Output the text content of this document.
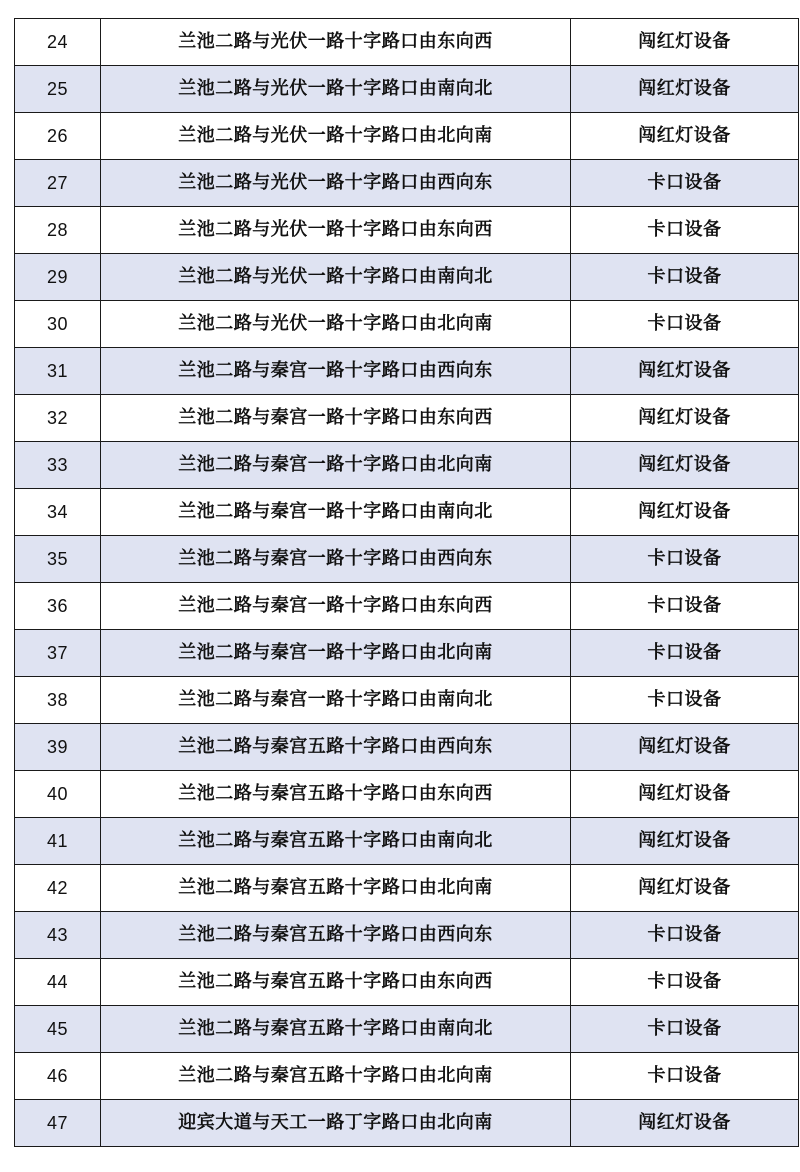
24	兰池二路与光伏一路十字路口由东向西	闯红灯设备
25	兰池二路与光伏一路十字路口由南向北	闯红灯设备
26	兰池二路与光伏一路十字路口由北向南	闯红灯设备
27	兰池二路与光伏一路十字路口由西向东	卡口设备
28	兰池二路与光伏一路十字路口由东向西	卡口设备
29	兰池二路与光伏一路十字路口由南向北	卡口设备
30	兰池二路与光伏一路十字路口由北向南	卡口设备
31	兰池二路与秦宫一路十字路口由西向东	闯红灯设备
32	兰池二路与秦宫一路十字路口由东向西	闯红灯设备
33	兰池二路与秦宫一路十字路口由北向南	闯红灯设备
34	兰池二路与秦宫一路十字路口由南向北	闯红灯设备
35	兰池二路与秦宫一路十字路口由西向东	卡口设备
36	兰池二路与秦宫一路十字路口由东向西	卡口设备
37	兰池二路与秦宫一路十字路口由北向南	卡口设备
38	兰池二路与秦宫一路十字路口由南向北	卡口设备
39	兰池二路与秦宫五路十字路口由西向东	闯红灯设备
40	兰池二路与秦宫五路十字路口由东向西	闯红灯设备
41	兰池二路与秦宫五路十字路口由南向北	闯红灯设备
42	兰池二路与秦宫五路十字路口由北向南	闯红灯设备
43	兰池二路与秦宫五路十字路口由西向东	卡口设备
44	兰池二路与秦宫五路十字路口由东向西	卡口设备
45	兰池二路与秦宫五路十字路口由南向北	卡口设备
46	兰池二路与秦宫五路十字路口由北向南	卡口设备
47	迎宾大道与天工一路丁字路口由北向南	闯红灯设备
